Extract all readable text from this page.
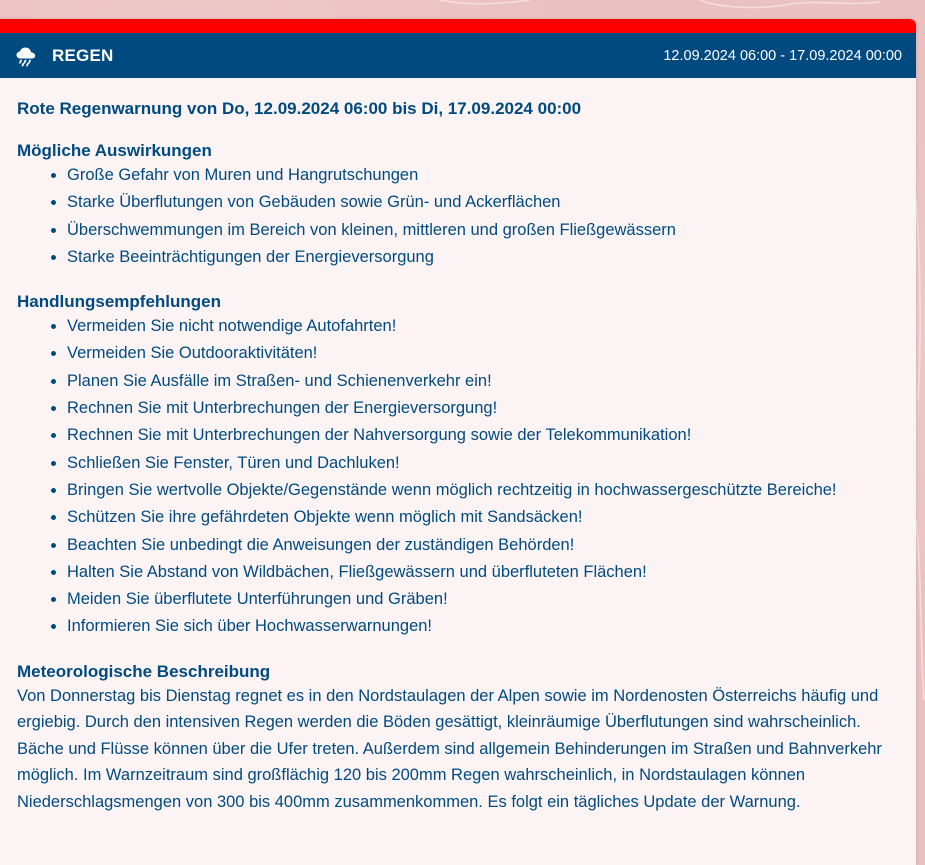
REGEN	12.09.2024 06:00 - 17.09.2024 00:00
Rote Regenwarnung von Do, 12.09.2024 06:00 bis Di, 17.09.2024 00:00
Mögliche Auswirkungen
• Große Gefahr von Muren und Hangrutschungen
• Starke Überflutungen von Gebäuden sowie Grün- und Ackerflächen
• Überschwemmungen im Bereich von kleinen, mittleren und großen Fließgewässern
• Starke Beeinträchtigungen der Energieversorgung
Handlungsempfehlungen
• Vermeiden Sie nicht notwendige Autofahrten!
• Vermeiden Sie Outdooraktivitäten!
• Planen Sie Ausfälle im Straßen- und Schienenverkehr ein!
• Rechnen Sie mit Unterbrechungen der Energieversorgung!
• Rechnen Sie mit Unterbrechungen der Nahversorgung sowie der Telekommunikation!
• Schließen Sie Fenster, Türen und Dachluken!
• Bringen Sie wertvolle Objekte/Gegenstände wenn möglich rechtzeitig in hochwassergeschützte Bereiche!
• Schützen Sie ihre gefährdeten Objekte wenn möglich mit Sandsäcken!
• Beachten Sie unbedingt die Anweisungen der zuständigen Behörden!
• Halten Sie Abstand von Wildbächen, Fließgewässern und überfluteten Flächen!
• Meiden Sie überflutete Unterführungen und Gräben!
• Informieren Sie sich über Hochwasserwarnungen!
Meteorologische Beschreibung

Von Donnerstag bis Dienstag regnet es in den Nordstaulagen der Alpen sowie im Nordenosten Österreichs häufig und ergiebig. Durch den intensiven Regen werden die Böden gesättigt, kleinräumige Überflutungen sind wahrscheinlich. Bäche und Flüsse können über die Ufer treten. Außerdem sind allgemein Behinderungen im Straßen und Bahnverkehr möglich. Im Warnzeitraum sind großflächig 120 bis 200mm Regen wahrscheinlich, in Nordstaulagen können Niederschlagsmengen von 300 bis 400mm zusammenkommen. Es folgt ein tägliches Update der Warnung.
